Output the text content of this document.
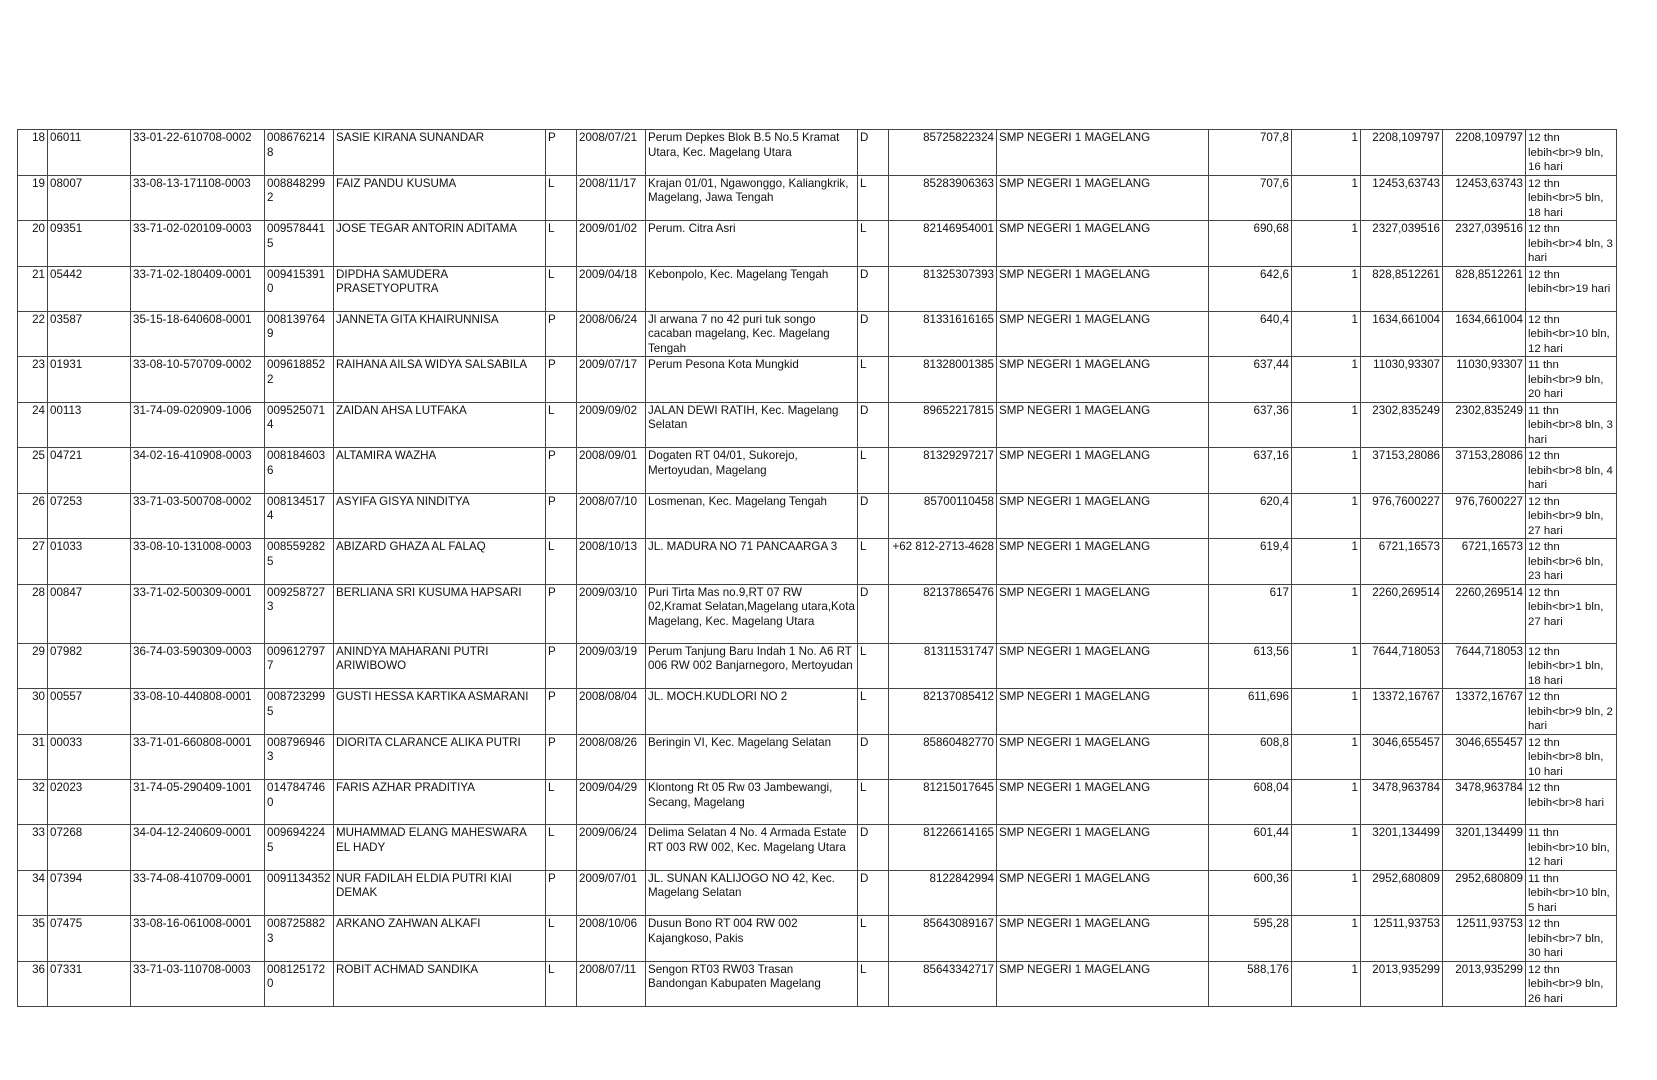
18	06011	33-01-22-610708-0002	0086762148	SASIE KIRANA SUNANDAR	P	2008/07/21	Perum Depkes Blok B.5 No.5 Kramat Utara, Kec. Magelang Utara	D	85725822324	SMP NEGERI 1 MAGELANG	707,8	1	2208,109797	2208,109797	12 thn lebih<br>9 bln, 16 hari
19	08007	33-08-13-171108-0003	0088482992	FAIZ PANDU KUSUMA	L	2008/11/17	Krajan 01/01, Ngawonggo, Kaliangkrik, Magelang, Jawa Tengah	L	85283906363	SMP NEGERI 1 MAGELANG	707,6	1	12453,63743	12453,63743	12 thn lebih<br>5 bln, 18 hari
20	09351	33-71-02-020109-0003	0095784415	JOSE TEGAR ANTORIN ADITAMA	L	2009/01/02	Perum. Citra Asri	L	82146954001	SMP NEGERI 1 MAGELANG	690,68	1	2327,039516	2327,039516	12 thn lebih<br>4 bln, 3 hari
21	05442	33-71-02-180409-0001	0094153910	DIPDHA SAMUDERA PRASETYOPUTRA	L	2009/04/18	Kebonpolo, Kec. Magelang Tengah	D	81325307393	SMP NEGERI 1 MAGELANG	642,6	1	828,8512261	828,8512261	12 thn lebih<br>19 hari
22	03587	35-15-18-640608-0001	0081397649	JANNETA GITA KHAIRUNNISA	P	2008/06/24	Jl arwana 7 no 42 puri tuk songo cacaban magelang, Kec. Magelang Tengah	D	81331616165	SMP NEGERI 1 MAGELANG	640,4	1	1634,661004	1634,661004	12 thn lebih<br>10 bln, 12 hari
23	01931	33-08-10-570709-0002	0096188522	RAIHANA AILSA WIDYA SALSABILA	P	2009/07/17	Perum Pesona Kota Mungkid	L	81328001385	SMP NEGERI 1 MAGELANG	637,44	1	11030,93307	11030,93307	11 thn lebih<br>9 bln, 20 hari
24	00113	31-74-09-020909-1006	0095250714	ZAIDAN AHSA LUTFAKA	L	2009/09/02	JALAN DEWI RATIH, Kec. Magelang Selatan	D	89652217815	SMP NEGERI 1 MAGELANG	637,36	1	2302,835249	2302,835249	11 thn lebih<br>8 bln, 3 hari
25	04721	34-02-16-410908-0003	0081846036	ALTAMIRA WAZHA	P	2008/09/01	Dogaten RT 04/01, Sukorejo, Mertoyudan, Magelang	L	81329297217	SMP NEGERI 1 MAGELANG	637,16	1	37153,28086	37153,28086	12 thn lebih<br>8 bln, 4 hari
26	07253	33-71-03-500708-0002	0081345174	ASYIFA GISYA NINDITYA	P	2008/07/10	Losmenan, Kec. Magelang Tengah	D	85700110458	SMP NEGERI 1 MAGELANG	620,4	1	976,7600227	976,7600227	12 thn lebih<br>9 bln, 27 hari
27	01033	33-08-10-131008-0003	0085592825	ABIZARD GHAZA AL FALAQ	L	2008/10/13	JL. MADURA NO 71 PANCAARGA 3	L	+62 812-2713-4628	SMP NEGERI 1 MAGELANG	619,4	1	6721,16573	6721,16573	12 thn lebih<br>6 bln, 23 hari
28	00847	33-71-02-500309-0001	0092587273	BERLIANA SRI KUSUMA HAPSARI	P	2009/03/10	Puri Tirta Mas no.9,RT 07 RW 02,Kramat Selatan,Magelang utara,Kota Magelang, Kec. Magelang Utara	D	82137865476	SMP NEGERI 1 MAGELANG	617	1	2260,269514	2260,269514	12 thn lebih<br>1 bln, 27 hari
29	07982	36-74-03-590309-0003	0096127977	ANINDYA MAHARANI PUTRI ARIWIBOWO	P	2009/03/19	Perum Tanjung Baru Indah 1 No. A6 RT 006 RW 002 Banjarnegoro, Mertoyudan	L	81311531747	SMP NEGERI 1 MAGELANG	613,56	1	7644,718053	7644,718053	12 thn lebih<br>1 bln, 18 hari
30	00557	33-08-10-440808-0001	0087232995	GUSTI HESSA KARTIKA ASMARANI	P	2008/08/04	JL. MOCH.KUDLORI NO 2	L	82137085412	SMP NEGERI 1 MAGELANG	611,696	1	13372,16767	13372,16767	12 thn lebih<br>9 bln, 2 hari
31	00033	33-71-01-660808-0001	0087969463	DIORITA CLARANCE ALIKA PUTRI	P	2008/08/26	Beringin VI, Kec. Magelang Selatan	D	85860482770	SMP NEGERI 1 MAGELANG	608,8	1	3046,655457	3046,655457	12 thn lebih<br>8 bln, 10 hari
32	02023	31-74-05-290409-1001	0147847460	FARIS AZHAR PRADITIYA	L	2009/04/29	Klontong Rt 05 Rw 03 Jambewangi, Secang, Magelang	L	81215017645	SMP NEGERI 1 MAGELANG	608,04	1	3478,963784	3478,963784	12 thn lebih<br>8 hari
33	07268	34-04-12-240609-0001	0096942245	MUHAMMAD ELANG MAHESWARA EL HADY	L	2009/06/24	Delima Selatan 4 No. 4 Armada Estate RT 003 RW 002, Kec. Magelang Utara	D	81226614165	SMP NEGERI 1 MAGELANG	601,44	1	3201,134499	3201,134499	11 thn lebih<br>10 bln, 12 hari
34	07394	33-74-08-410709-0001	0091134352	NUR FADILAH ELDIA PUTRI KIAI DEMAK	P	2009/07/01	JL. SUNAN KALIJOGO NO 42, Kec. Magelang Selatan	D	8122842994	SMP NEGERI 1 MAGELANG	600,36	1	2952,680809	2952,680809	11 thn lebih<br>10 bln, 5 hari
35	07475	33-08-16-061008-0001	0087258823	ARKANO ZAHWAN ALKAFI	L	2008/10/06	Dusun Bono RT 004 RW 002 Kajangkoso, Pakis	L	85643089167	SMP NEGERI 1 MAGELANG	595,28	1	12511,93753	12511,93753	12 thn lebih<br>7 bln, 30 hari
36	07331	33-71-03-110708-0003	0081251720	ROBIT ACHMAD SANDIKA	L	2008/07/11	Sengon RT03 RW03 Trasan Bandongan Kabupaten Magelang	L	85643342717	SMP NEGERI 1 MAGELANG	588,176	1	2013,935299	2013,935299	12 thn lebih<br>9 bln, 26 hari
